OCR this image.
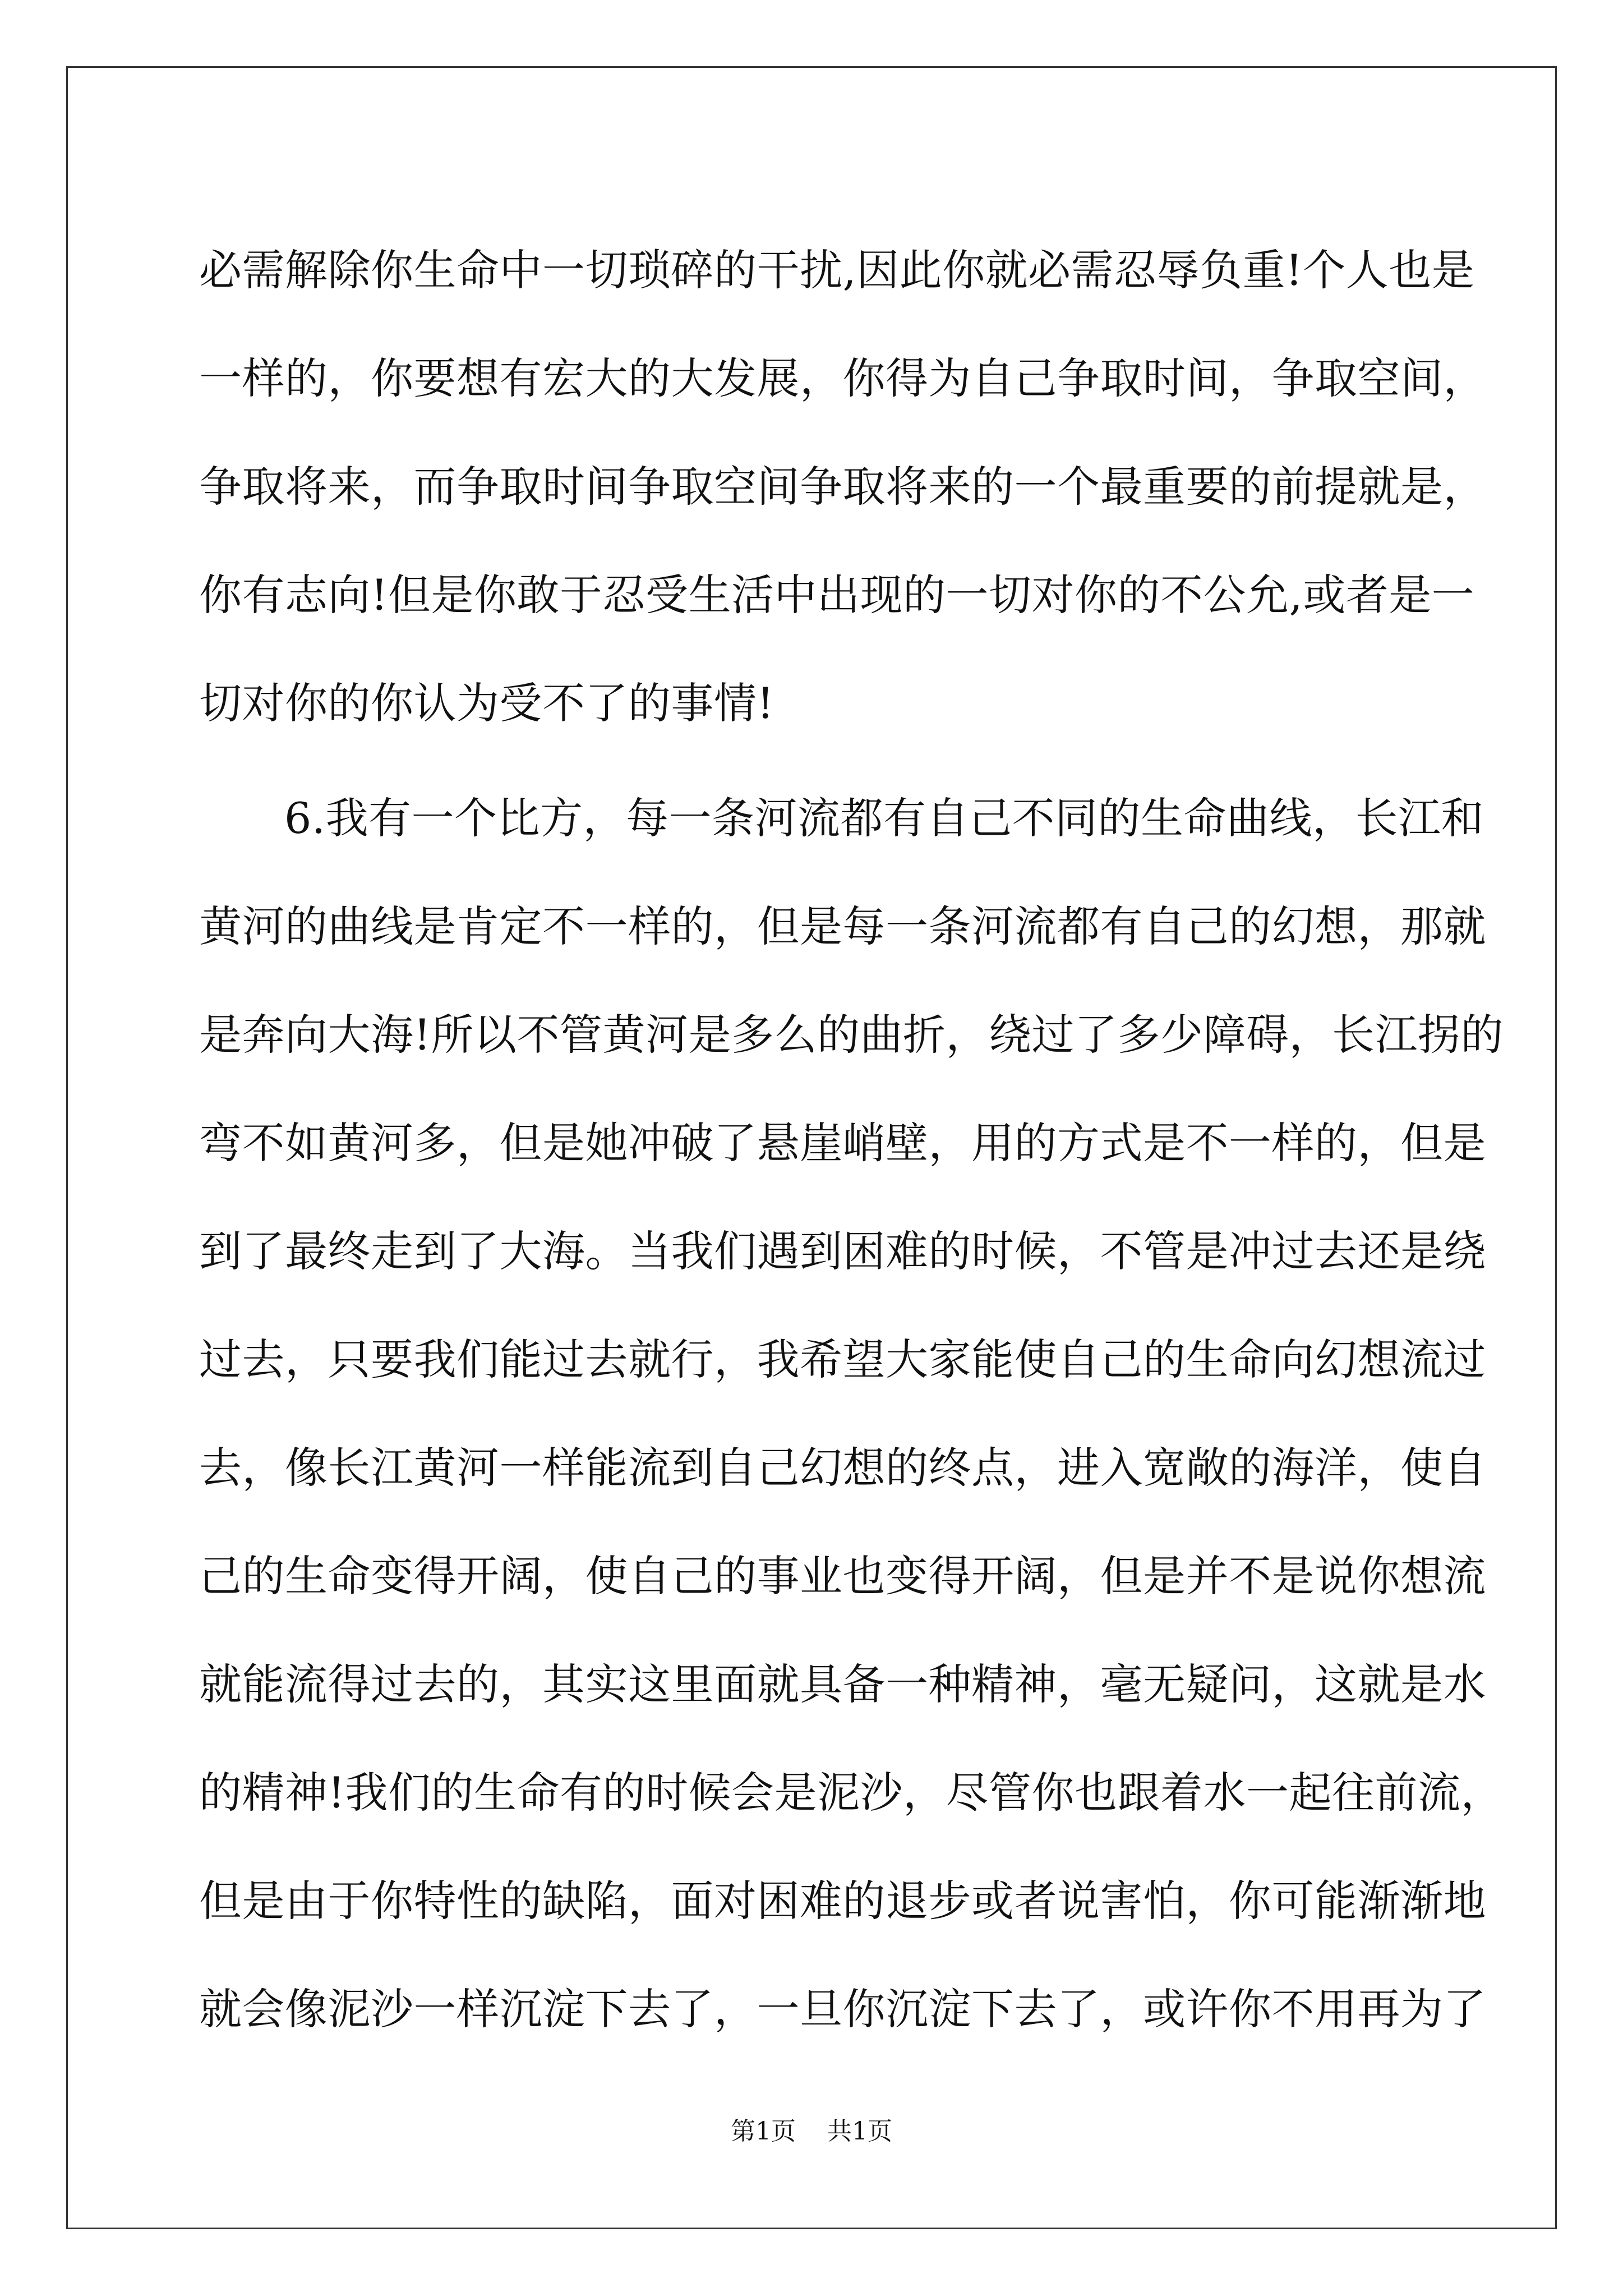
必需解除你生命中一切琐碎的干扰,因此你就必需忍辱负重!个人也是
一样的，你要想有宏大的大发展，你得为自己争取时间，争取空间，
争取将来，而争取时间争取空间争取将来的一个最重要的前提就是，
你有志向!但是你敢于忍受生活中出现的一切对你的不公允,或者是一
切对你的你认为受不了的事情!
6.我有一个比方，每一条河流都有自己不同的生命曲线，长江和
黄河的曲线是肯定不一样的，但是每一条河流都有自己的幻想，那就
是奔向大海!所以不管黄河是多么的曲折，绕过了多少障碍，长江拐的
弯不如黄河多，但是她冲破了悬崖峭壁，用的方式是不一样的，但是
到了最终走到了大海。当我们遇到困难的时候，不管是冲过去还是绕
过去，只要我们能过去就行，我希望大家能使自己的生命向幻想流过
去，像长江黄河一样能流到自己幻想的终点，进入宽敞的海洋，使自
己的生命变得开阔，使自己的事业也变得开阔，但是并不是说你想流
就能流得过去的，其实这里面就具备一种精神，毫无疑问，这就是水
的精神!我们的生命有的时候会是泥沙，尽管你也跟着水一起往前流，
但是由于你特性的缺陷，面对困难的退步或者说害怕，你可能渐渐地
就会像泥沙一样沉淀下去了，一旦你沉淀下去了，或许你不用再为了
第1页 共1页
